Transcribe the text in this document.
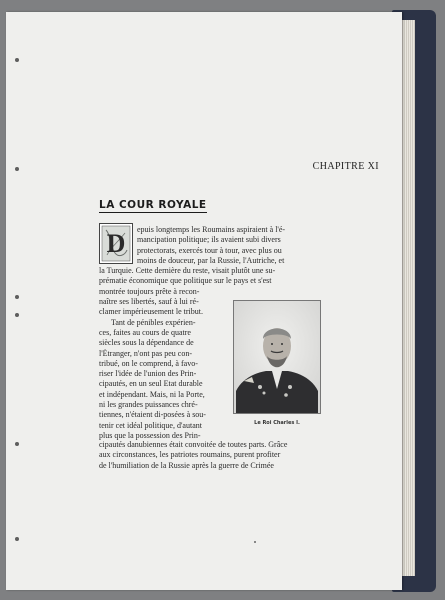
CHAPITRE XI
LA COUR ROYALE
D	epuis longtemps les Roumains aspiraient à l'é-
mancipation politique; ils avaient subi divers
protectorats, exercés tour à tour, avec plus ou
moins de douceur, par la Russie, l'Autriche, et
la Turquie. Cette dernière du reste, visait plutôt une su-
prématie économique que politique sur le pays et s'est
montrée toujours prête à recon-
naître ses libertés, sauf à lui ré-
clamer impérieusement le tribut.
Tant de pénibles expérien-
ces, faites au cours de quatre
siècles sous la dépendance de
l'Étranger, n'ont pas peu con-
tribué, on le comprend, à favo-
riser l'idée de l'union des Prin-
cipautés, en un seul Etat durable
et indépendant. Mais, ni la Porte,
ni les grandes puissances chré-
tiennes, n'étaient di-posées à sou-
tenir cet idéal politique, d'autant
plus que la possession des Prin-
Le Roi Charles I.
cipautés danubiennes était convoitée de toutes parts. Grâce
aux circonstances, les patriotes roumains, purent profiter
de l'humiliation de la Russie après la guerre de Crimée
